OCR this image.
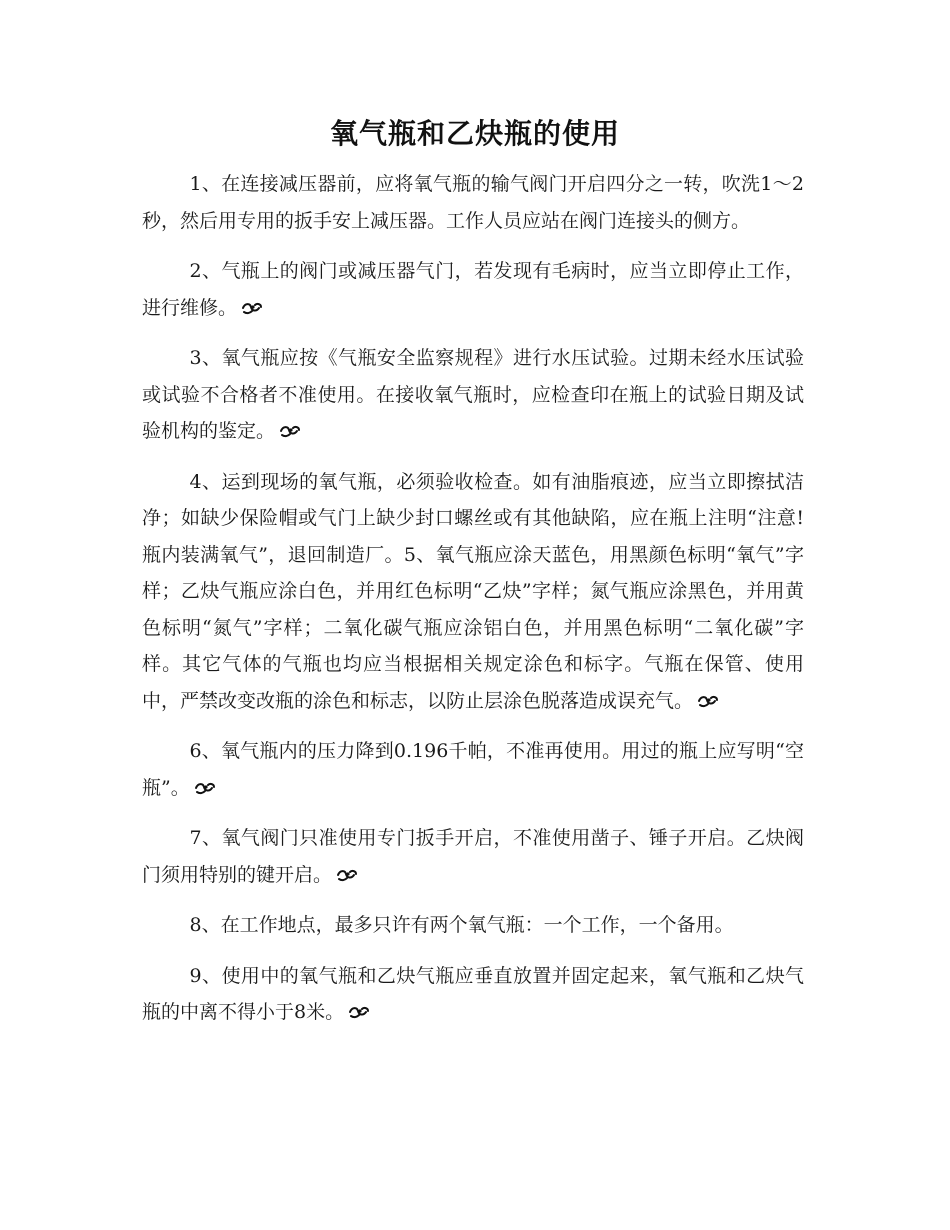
氧气瓶和乙炔瓶的使用

1、在连接减压器前，应将氧气瓶的输气阀门开启四分之一转，吹洗1～2秒，然后用专用的扳手安上减压器。工作人员应站在阀门连接头的侧方。

2、气瓶上的阀门或减压器气门，若发现有毛病时，应当立即停止工作，进行维修。

3、氧气瓶应按《气瓶安全监察规程》进行水压试验。过期未经水压试验或试验不合格者不准使用。在接收氧气瓶时，应检查印在瓶上的试验日期及试验机构的鉴定。

4、运到现场的氧气瓶，必须验收检查。如有油脂痕迹，应当立即擦拭洁净；如缺少保险帽或气门上缺少封口螺丝或有其他缺陷，应在瓶上注明“注意!瓶内装满氧气”，退回制造厂。5、氧气瓶应涂天蓝色，用黑颜色标明“氧气”字样；乙炔气瓶应涂白色，并用红色标明“乙炔”字样；氮气瓶应涂黑色，并用黄色标明“氮气”字样；二氧化碳气瓶应涂铝白色，并用黑色标明“二氧化碳”字样。其它气体的气瓶也均应当根据相关规定涂色和标字。气瓶在保管、使用中，严禁改变改瓶的涂色和标志，以防止层涂色脱落造成误充气。

6、氧气瓶内的压力降到0.196千帕，不准再使用。用过的瓶上应写明“空瓶”。

7、氧气阀门只准使用专门扳手开启，不准使用凿子、锤子开启。乙炔阀门须用特别的键开启。

8、在工作地点，最多只许有两个氧气瓶：一个工作，一个备用。

9、使用中的氧气瓶和乙炔气瓶应垂直放置并固定起来，氧气瓶和乙炔气瓶的中离不得小于8米。
